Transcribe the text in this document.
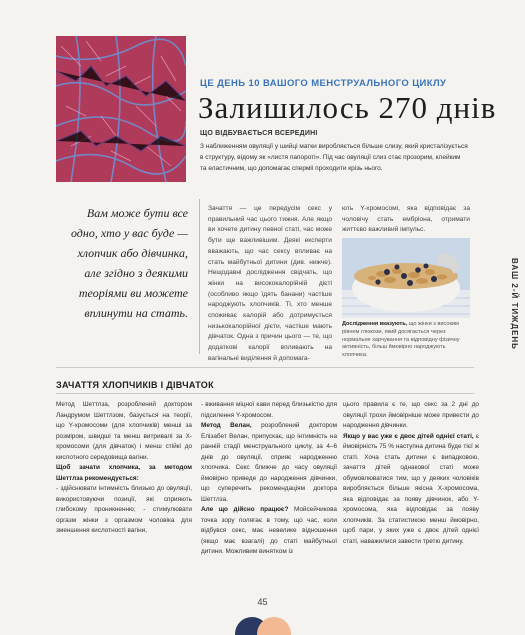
ЦЕ ДЕНЬ 10 ВАШОГО МЕНСТРУАЛЬНОГО ЦИКЛУ
Залишилось 270 днів
ЩО ВІДБУВАЄТЬСЯ ВСЕРЕДИНІ
З наближенням овуляції у шийці матки виробляється більше слизу, який кристалізується в структуру, відому як «листя папороті». Під час овуляції слиз стає прозорим, клейким та еластичним, що допомагає сперміі проходити крізь нього.
ВАШ 2-Й ТИЖДЕНЬ
Вам може бути все одно, хто у вас буде — хлопчик або дівчинка, але згідно з деякими теоріями ви можете вплинути на стать.
Зачаття — це передусім секс у правильний час цього тижня. Але якщо ви хочете дитину певної статі, час може бути ще важливішим. Деякі експерти вважають, що час сексу впливає на стать майбутньої дитини (див. нижче). Нещодавні дослідження свідчать, що жінки на висококалорійній дієті (особливо якщо їдять банани) частіше народжують хлопчиків. Ті, хто менше споживає калорій або дотримується низькокалорійної дієти, частіше мають дівчаток. Одна з причин цього — те, що додаткові калорії впливають на вагінальні виділення й допомага-
ють Y-хромосомі, яка відповідає за чоловічу стать ембріона, отримати життєво важливий імпульс.
Дослідження вказують, що жінки з високим рівнем глюкози, який досягається через нормальне харчування та відповідну фізичну активність, більш ймовірно народжують хлопчика.
ЗАЧАТТЯ ХЛОПЧИКІВ І ДІВЧАТОК
Метод Шеттлза, розроблений доктором Ландрумом Шеттлзом, базується на теорії, що Y-хромосоми (для хлопчиків) менші за розміром, швидші та менш витривалі за X-хромосоми (для дівчаток) і менш стійкі до кислотного середовища вагіни.
Щоб зачати хлопчика, за методом Шеттлза рекомендується:
- здійснювати інтимність близько до овуляції, використовуючи позиції, які сприяють глибокому проникненню; - стимулювати оргазм жінки з оргазмом чоловіка для зменшення кислотності вагіни,
- вживання міцної кави перед близькістю для підсилення Y-хромосом.
Метод Велан, розроблений доктором Елізабет Велан, припускає, що інтимність на ранній стадії менструального циклу, за 4–6 днів до овуляції, сприяє народженню хлопчика. Секс ближче до часу овуляції ймовірно приведе до народження дівчинки, що суперечить рекомендаціям доктора Шеттлза.
Але що дійсно працює? Мойсейчикова точка зору полягає в тому, що час, коли відбувся секс, має невелике відношення (якщо має взагалі) до статі майбутньої дитини. Можливим винятком із
цього правила є те, що секс за 2 дні до овуляції трохи ймовірніше може привести до народження дівчинки.
Якщо у вас уже є двоє дітей однієї статі, є ймовірність 75 % наступна дитина буде тієї ж статі. Хоча стать дитини є випадковою, зачаття дітей однакової статі може обумовлюватися тим, що у деяких чоловіків виробляється більше якісна X-хромосома, яка відповідає за появу дівчинок, або Y-хромосома, яка відповідає за появу хлопчиків. За статистикою менш ймовірно, щоб пари, у яких уже є двоє дітей однієї статі, наважилися завести третю дитину.
45
